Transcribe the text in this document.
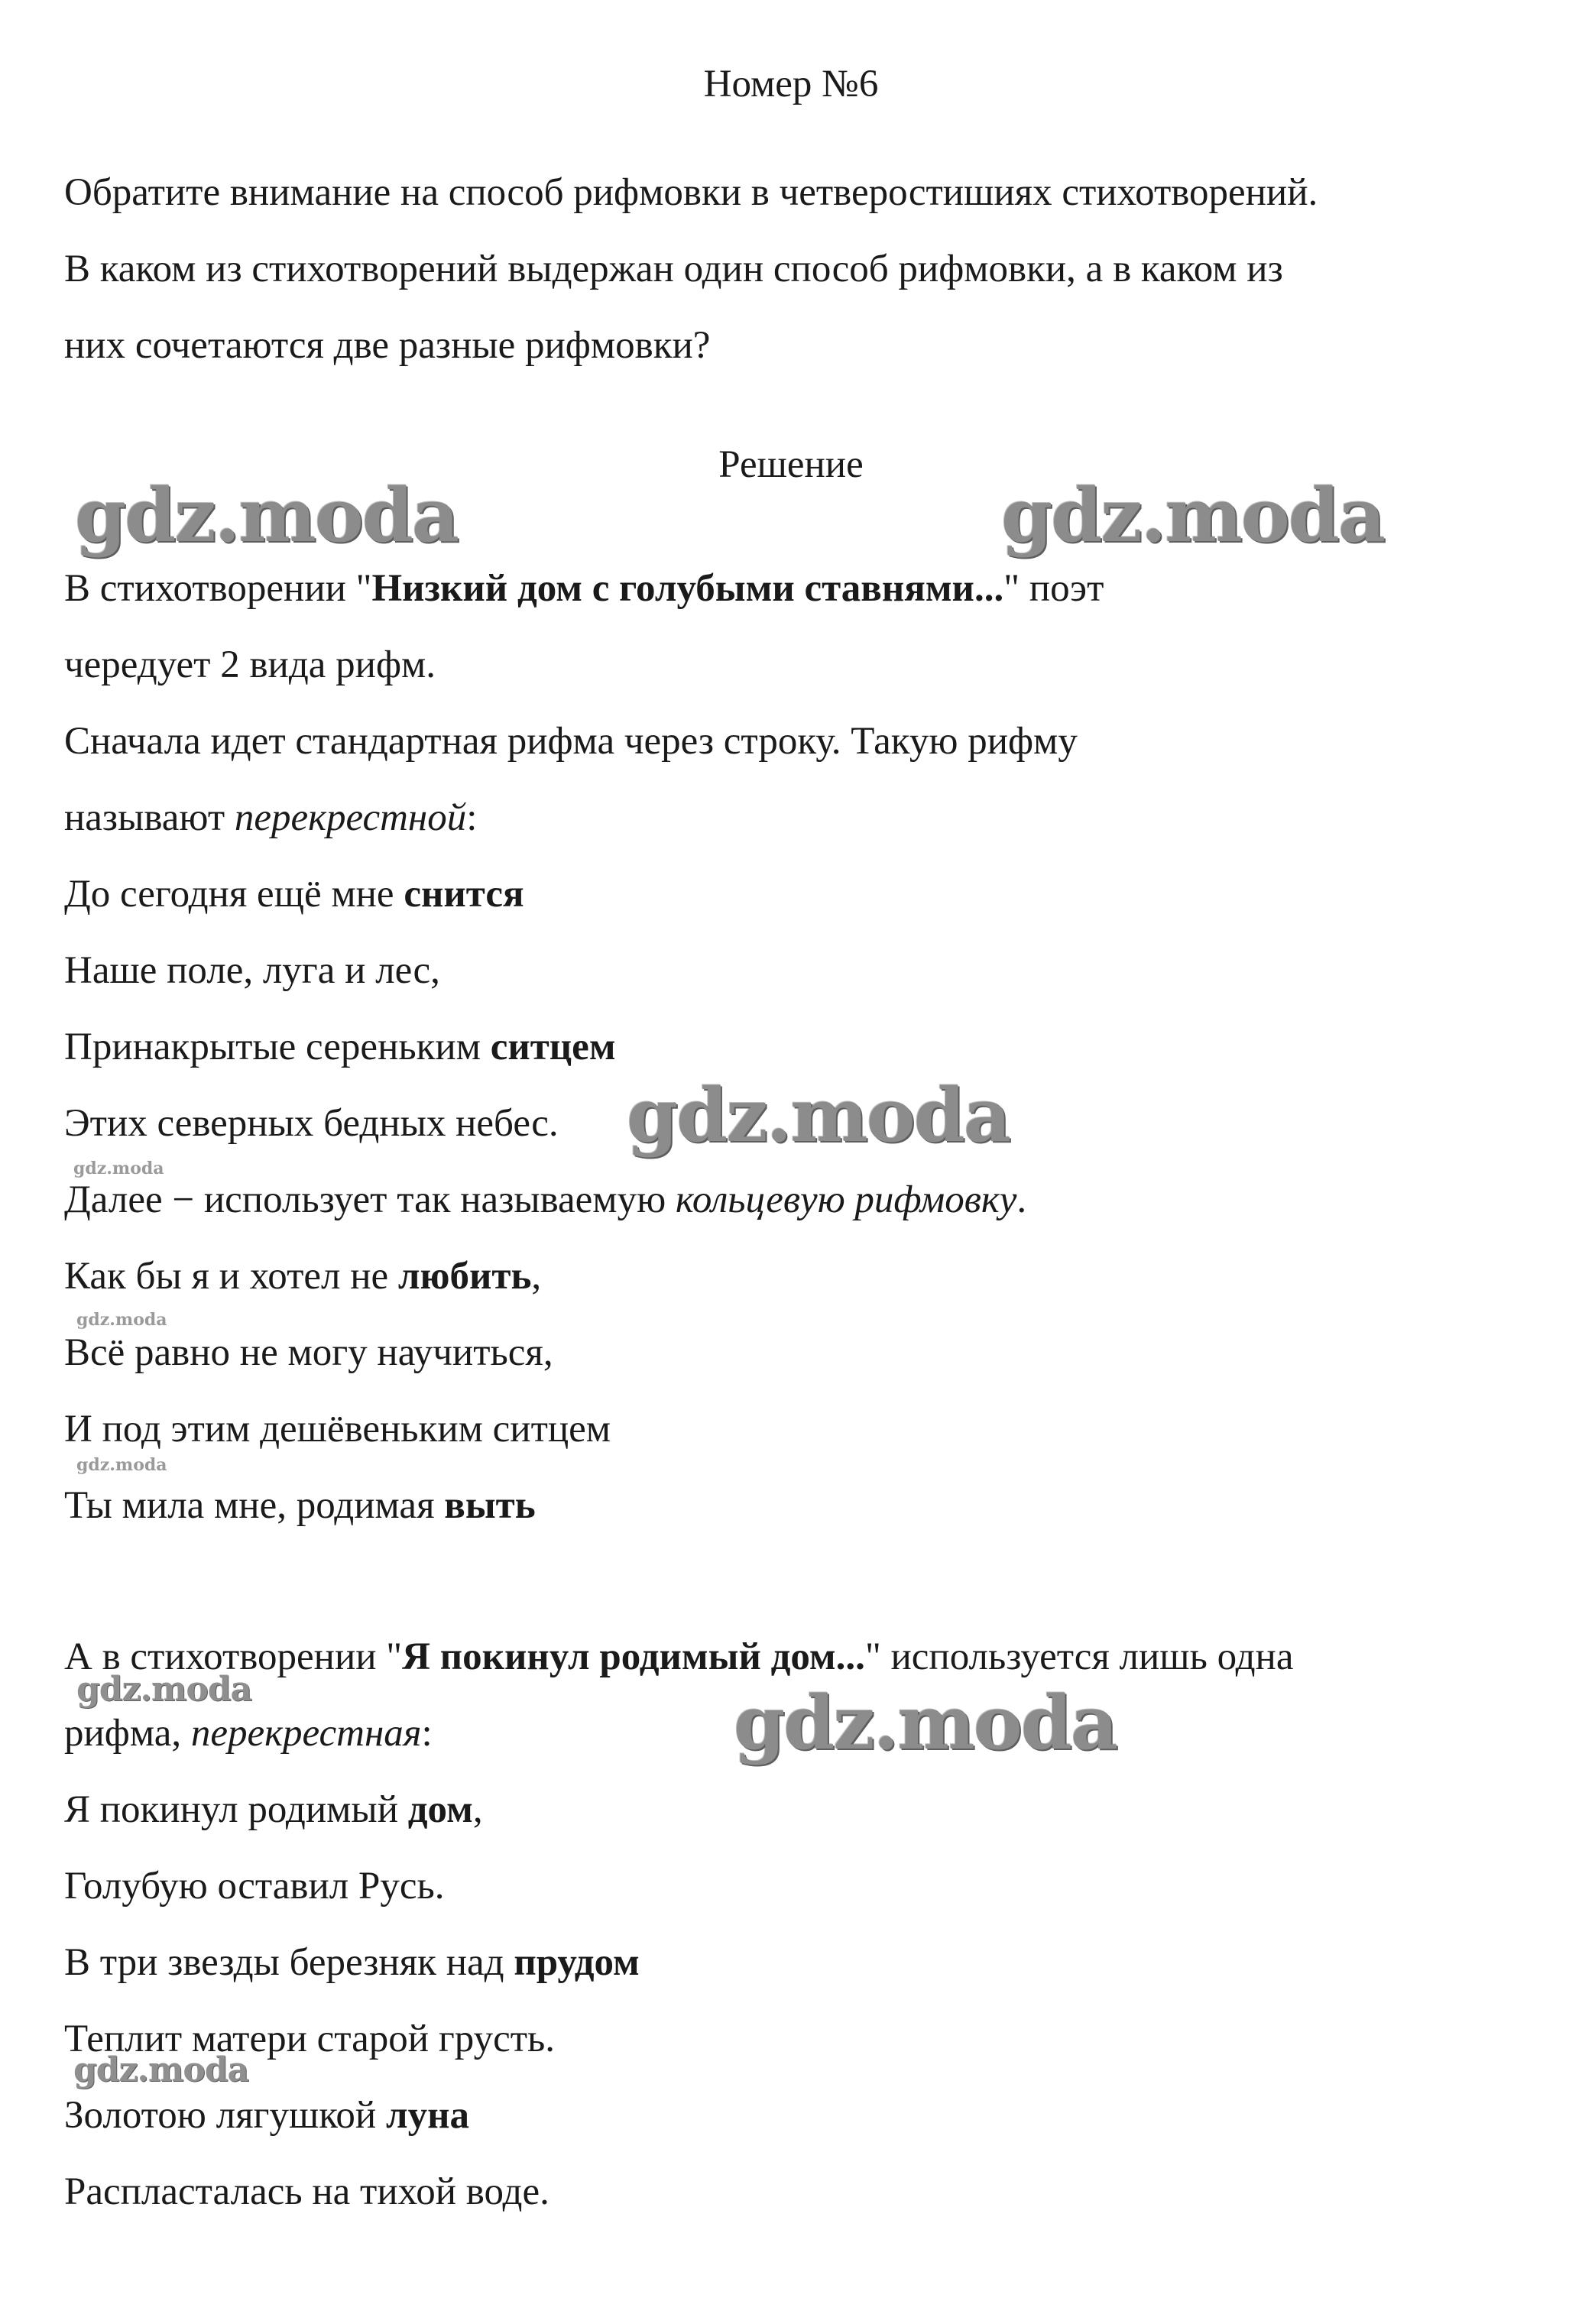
Номер №6
Обратите внимание на способ рифмовки в четверостишиях стихотворений.
В каком из стихотворений выдержан один способ рифмовки, а в каком из
них сочетаются две разные рифмовки?
Решение
В стихотворении "Низкий дом с голубыми ставнями..." поэт
чередует 2 вида рифм.
Сначала идет стандартная рифма через строку. Такую рифму
называют перекрестной:
До сегодня ещё мне снится
Наше поле, луга и лес,
Принакрытые сереньким ситцем
Этих северных бедных небес.
Далее − использует так называемую кольцевую рифмовку.
Как бы я и хотел не любить,
Всё равно не могу научиться,
И под этим дешёвеньким ситцем
Ты мила мне, родимая выть
А в стихотворении "Я покинул родимый дом..." используется лишь одна
рифма, перекрестная:
Я покинул родимый дом,
Голубую оставил Русь.
В три звезды березняк над прудом
Теплит матери старой грусть.
Золотою лягушкой луна
Распласталась на тихой воде.
gdz.moda	gdz.moda
gdz.moda
gdz.moda
gdz.moda
gdz.moda
gdz.moda
gdz.moda
gdz.moda
